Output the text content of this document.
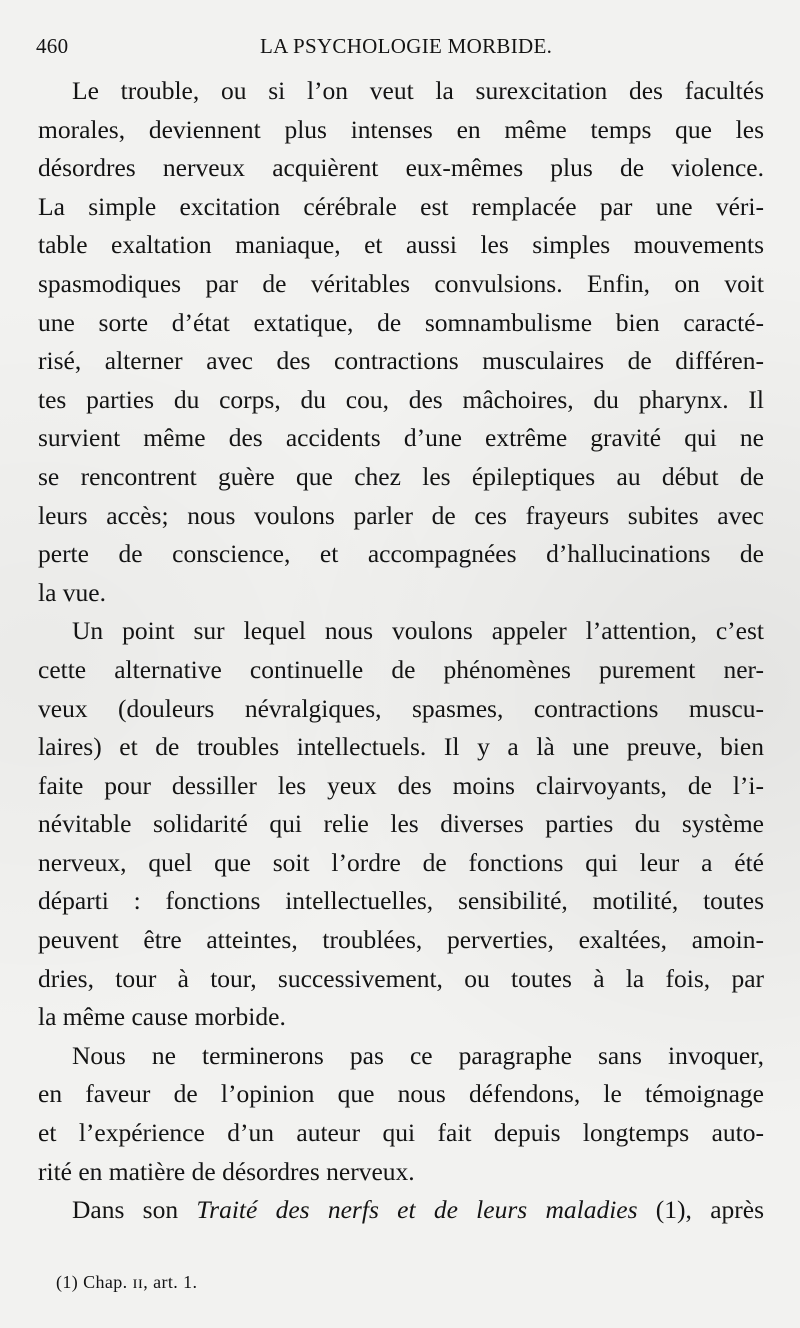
460	LA PSYCHOLOGIE MORBIDE.
Le trouble, ou si l’on veut la surexcitation des facultés
morales, deviennent plus intenses en même temps que les
désordres nerveux acquièrent eux-mêmes plus de violence.
La simple excitation cérébrale est remplacée par une véri-
table exaltation maniaque, et aussi les simples mouvements
spasmodiques par de véritables convulsions. Enfin, on voit
une sorte d’état extatique, de somnambulisme bien caracté-
risé, alterner avec des contractions musculaires de différen-
tes parties du corps, du cou, des mâchoires, du pharynx. Il
survient même des accidents d’une extrême gravité qui ne
se rencontrent guère que chez les épileptiques au début de
leurs accès; nous voulons parler de ces frayeurs subites avec
perte de conscience, et accompagnées d’hallucinations de
la vue.
Un point sur lequel nous voulons appeler l’attention, c’est
cette alternative continuelle de phénomènes purement ner-
veux (douleurs névralgiques, spasmes, contractions muscu-
laires) et de troubles intellectuels. Il y a là une preuve, bien
faite pour dessiller les yeux des moins clairvoyants, de l’i-
névitable solidarité qui relie les diverses parties du système
nerveux, quel que soit l’ordre de fonctions qui leur a été
départi : fonctions intellectuelles, sensibilité, motilité, toutes
peuvent être atteintes, troublées, perverties, exaltées, amoin-
dries, tour à tour, successivement, ou toutes à la fois, par
la même cause morbide.
Nous ne terminerons pas ce paragraphe sans invoquer,
en faveur de l’opinion que nous défendons, le témoignage
et l’expérience d’un auteur qui fait depuis longtemps auto-
rité en matière de désordres nerveux.
Dans son Traité des nerfs et de leurs maladies (1), après
(1) Chap. ɪɪ, art. 1.
